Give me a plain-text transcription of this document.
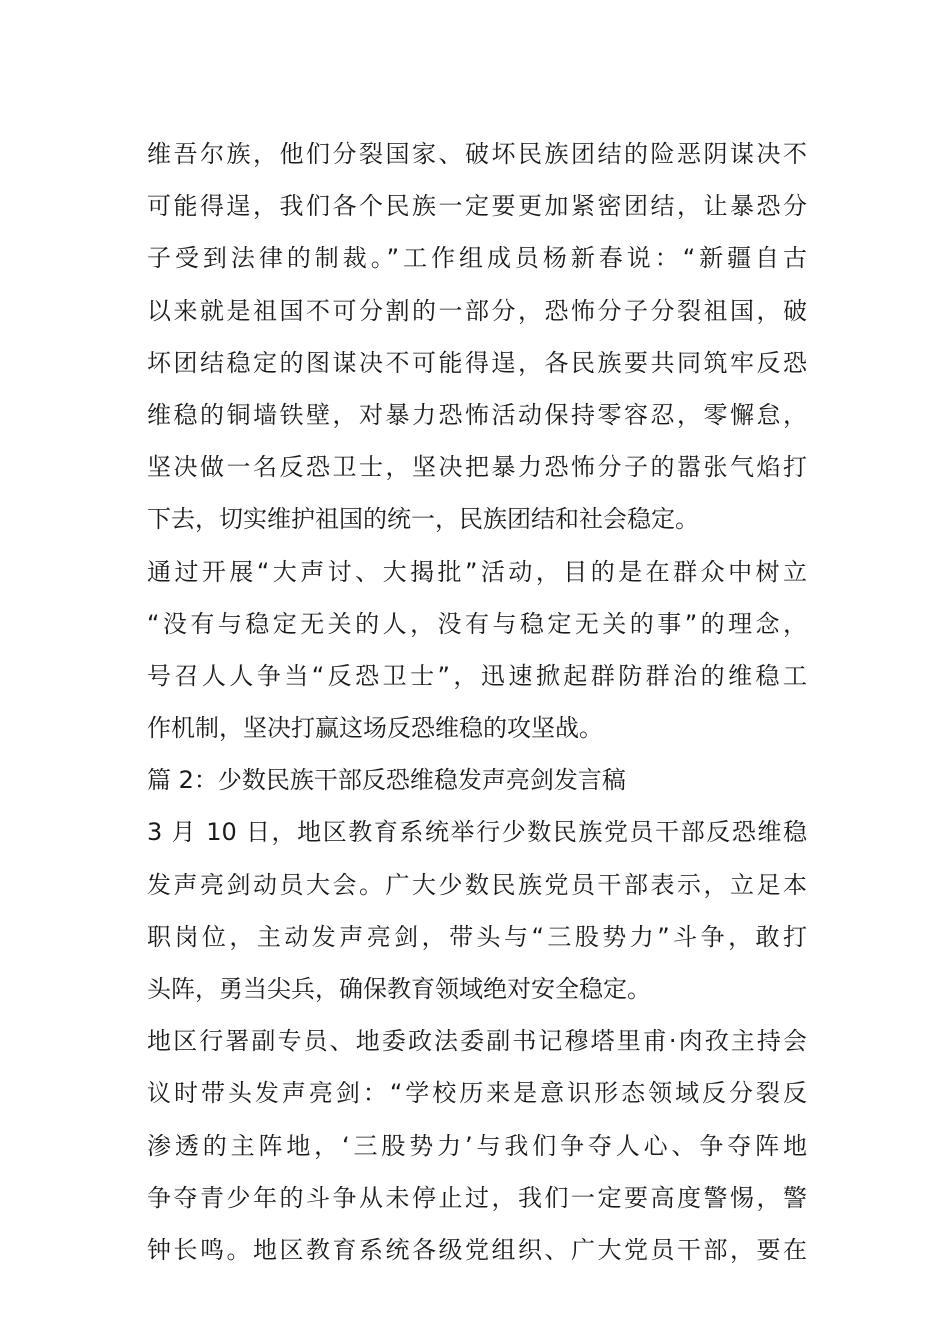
维吾尔族，他们分裂国家、破坏民族团结的险恶阴谋决不
可能得逞，我们各个民族一定要更加紧密团结，让暴恐分
子受到法律的制裁。”工作组成员杨新春说：“新疆自古
以来就是祖国不可分割的一部分，恐怖分子分裂祖国，破
坏团结稳定的图谋决不可能得逞，各民族要共同筑牢反恐
维稳的铜墙铁壁，对暴力恐怖活动保持零容忍，零懈怠，
坚决做一名反恐卫士，坚决把暴力恐怖分子的嚣张气焰打
下去，切实维护祖国的统一，民族团结和社会稳定。
通过开展“大声讨、大揭批”活动，目的是在群众中树立
“没有与稳定无关的人，没有与稳定无关的事”的理念，
号召人人争当“反恐卫士”，迅速掀起群防群治的维稳工
作机制，坚决打赢这场反恐维稳的攻坚战。
篇 2：少数民族干部反恐维稳发声亮剑发言稿
3 月 10 日，地区教育系统举行少数民族党员干部反恐维稳
发声亮剑动员大会。广大少数民族党员干部表示，立足本
职岗位，主动发声亮剑，带头与“三股势力”斗争，敢打
头阵，勇当尖兵，确保教育领域绝对安全稳定。
地区行署副专员、地委政法委副书记穆塔里甫·肉孜主持会
议时带头发声亮剑：“学校历来是意识形态领域反分裂反
渗透的主阵地，‘三股势力’与我们争夺人心、争夺阵地
争夺青少年的斗争从未停止过，我们一定要高度警惕，警
钟长鸣。地区教育系统各级党组织、广大党员干部，要在
